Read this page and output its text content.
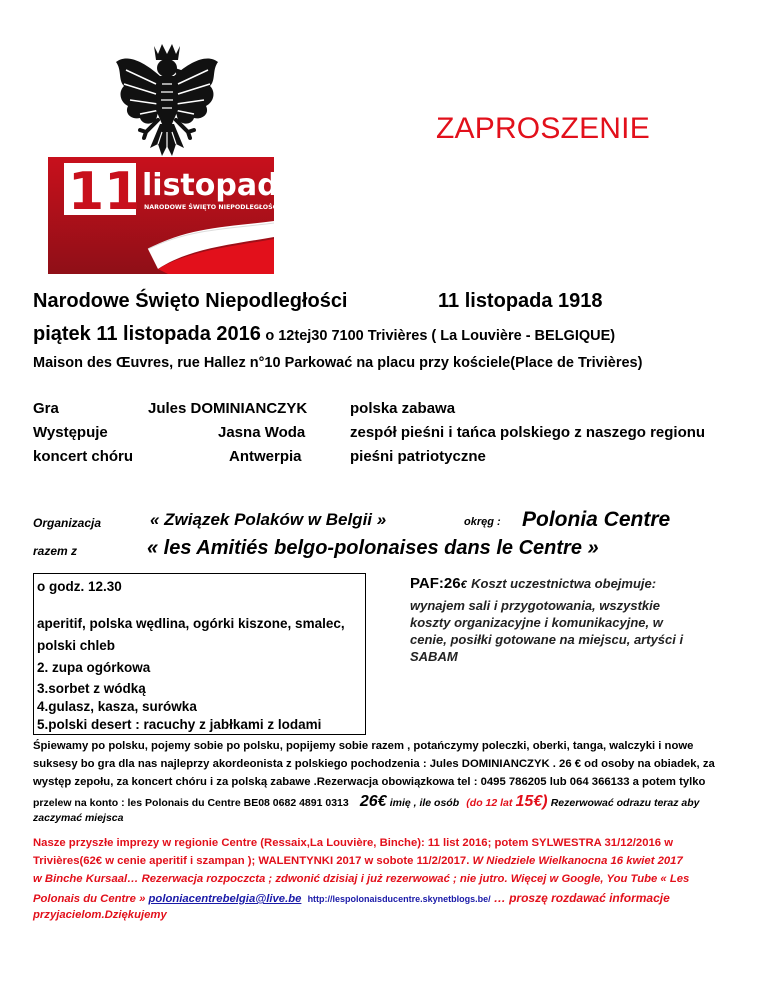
ZAPROSZENIE
11 listopada
NARODOWE ŚWIĘTO NIEPODLEGŁOŚCI
Narodowe Święto Niepodległości	11 listopada 1918
piątek 11 listopada 2016 o 12tej30 7100 Trivières ( La Louvière - BELGIQUE)
Maison des Œuvres, rue Hallez n°10 Parkować na placu przy kościele(Place de Trivières)
Gra	Jules DOMINIANCZYK	polska zabawa
Występuje	Jasna Woda	zespół pieśni i tańca polskiego z naszego regionu
koncert chóru	Antwerpia	pieśni patriotyczne
Organizacja	« Związek Polaków w Belgii »	okręg : Polonia Centre
razem z	« les Amitiés belgo-polonaises dans le Centre »
o godz. 12.30
aperitif, polska wędlina, ogórki kiszone, smalec,
polski chleb
2. zupa ogórkowa
3.sorbet z wódką
4.gulasz, kasza, surówka
5.polski desert : racuchy z jabłkami z lodami
PAF:26€ Koszt uczestnictwa obejmuje:
wynajem sali i przygotowania, wszystkie
koszty organizacyjne i komunikacyjne, w
cenie, posiłki gotowane na miejscu, artyści i
SABAM
Śpiewamy po polsku, pojemy sobie po polsku, popijemy sobie razem , potańczymy poleczki, oberki, tanga, walczyki i nowe
suksesy bo gra dla nas najleprzy akordeonista z polskiego pochodzenia : Jules DOMINIANCZYK . 26 € od osoby na obiadek, za
występ zepołu, za koncert chóru i za polską zabawe .Rezerwacja obowiązkowa tel : 0495 786205 lub 064 366133 a potem tylko
przelew na konto : les Polonais du Centre BE08 0682 4891 0313 26€ imię , ile osób (do 12 lat 15€) Rezerwować odrazu teraz aby
zaczymać miejsca
Nasze przyszłe imprezy w regionie Centre (Ressaix,La Louvière, Binche): 11 list 2016; potem SYLWESTRA 31/12/2016 w
Trivières(62€ w cenie aperitif i szampan ); WALENTYNKI 2017 w sobote 11/2/2017. W Niedziele Wielkanocna 16 kwiet 2017
w Binche Kursaal… Rezerwacja rozpoczcta ; zdwonić dzisiaj i już rezerwować ; nie jutro. Więcej w Google, You Tube « Les
Polonais du Centre » poloniacentrebelgia@live.be http://lespolonaisducentre.skynetblogs.be/ … proszę rozdawać informacje
przyjacielom.Dziękujemy
